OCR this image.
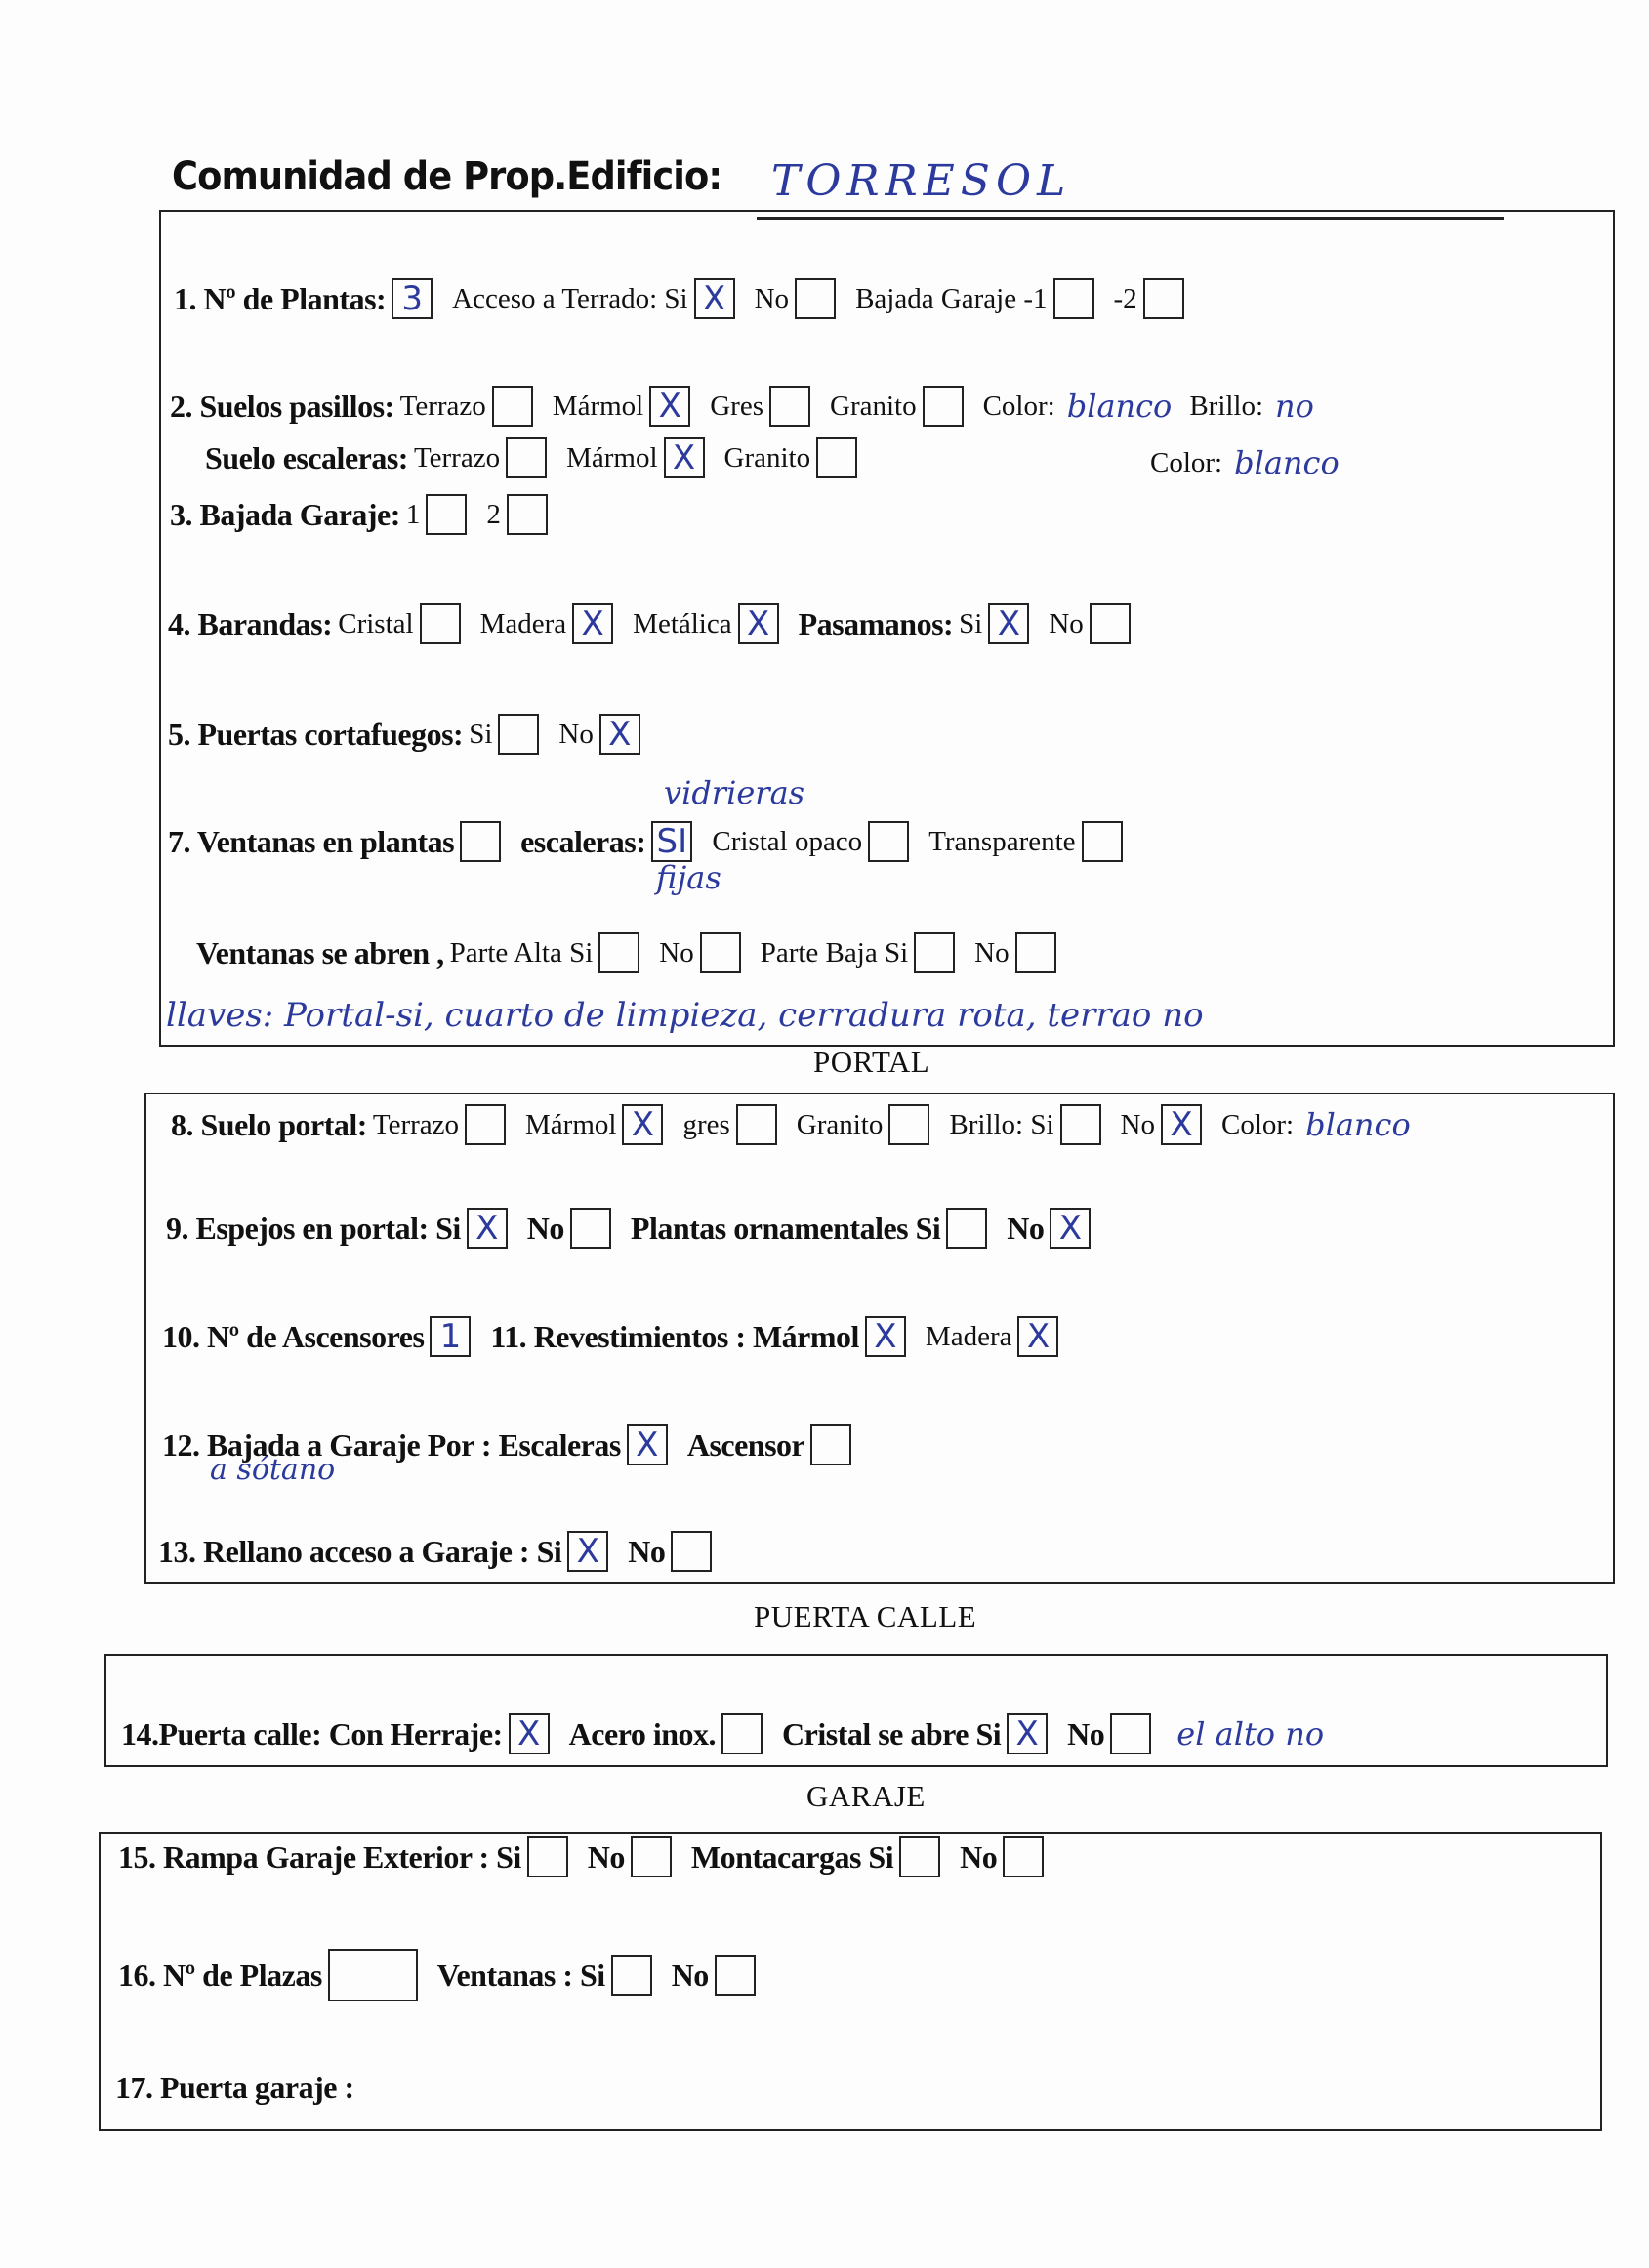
Comunidad de Prop.Edificio: TORRESOL
PORTAL
PUERTA CALLE
GARAJE
1. Nº de Plantas: 3	Acceso a Terrado: Si X	No Bajada Garaje -1 -2
2. Suelos pasillos: Terrazo Mármol X	Gres Granito Color: blanco Brillo: no
Suelo escaleras: Terrazo Mármol X	Granito	Color: blanco
3. Bajada Garaje: 1 2
4. Barandas: Cristal Madera X	Metálica X Pasamanos: Si X	No
5. Puertas cortafuegos: Si No X
7. Ventanas en plantas escaleras: SI Cristal opaco Transparente
Ventanas se abren , Parte Alta Si No Parte Baja Si No
8. Suelo portal: Terrazo Mármol X	gres Granito Brillo: Si No X	Color: blanco
9. Espejos en portal: Si X No Plantas ornamentales Si No X
10. Nº de Ascensores 1 11. Revestimientos : Mármol X	Madera X
12. Bajada a Garaje Por : Escaleras X Ascensor
13. Rellano acceso a Garaje : Si X No
14.Puerta calle: Con Herraje: X Acero inox. Cristal se abre Si X No el alto no
15. Rampa Garaje Exterior : Si No Montacargas Si No
16. Nº de Plazas	Ventanas : Si No
17. Puerta garaje :
vidrieras
fijas
llaves: Portal-si, cuarto de limpieza, cerradura rota, terrao no
a sótano
